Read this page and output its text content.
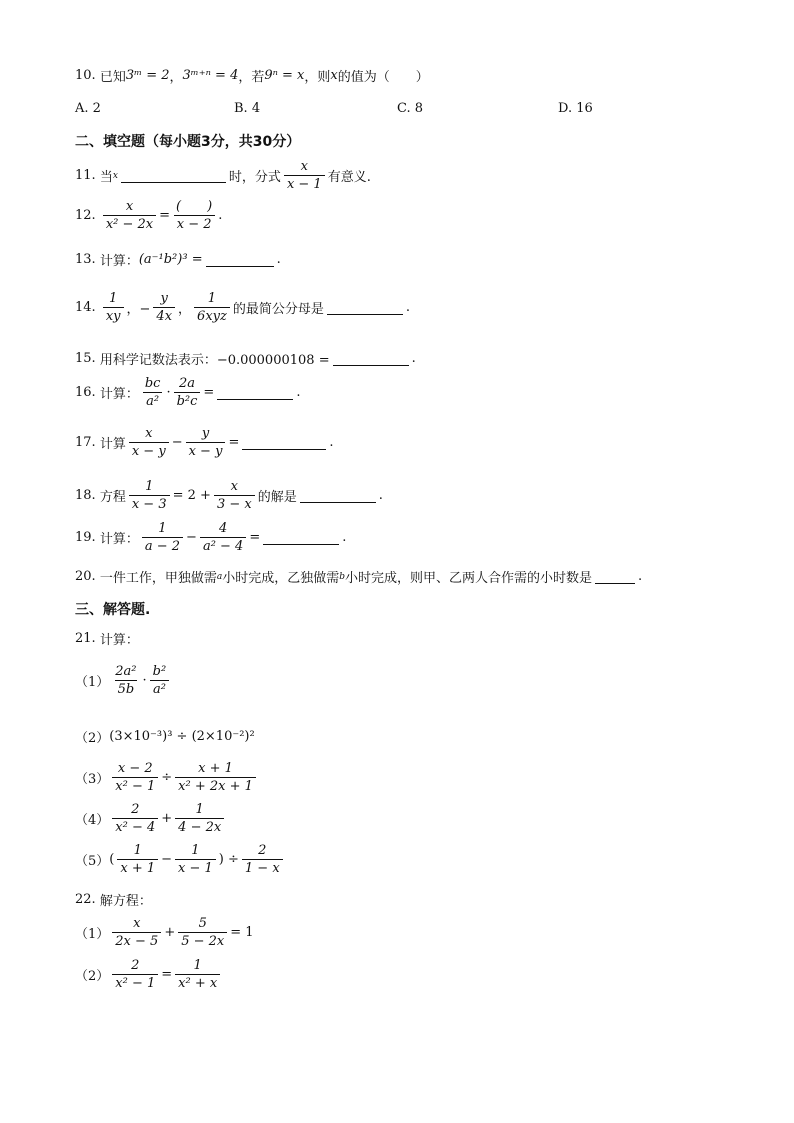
10.
已知 3ᵐ = 2 ， 3ᵐ⁺ⁿ = 4 ，若 9ⁿ = x ，则 x 的值为（　　）
A. 2	B. 4	C. 8	D. 16
二、填空题（每小题3分，共30分）
11.
当 x	时，分式 $\frac{x}{x - 1}$ 有意义.
12.
$\frac{x}{\text{x² − 2x}} = \frac{( )}{x - 2}$ .
13.
计算： (a⁻¹b²)³
=	.
14.
$\frac{1}{xy}$ ，− $\frac{y}{4x}$ ， $\frac{1}{\text{6xyz}}$ 的最简公分母是	.
15.
用科学记数法表示：−0.000000108 =	.
16.
计算： $\frac{bc}{\text{a²}} \cdot \frac{2a}{\text{b²c}}$ =	.
17.
计算 $\frac{x}{x - y} - \frac{y}{x - y}$ =	.
18.
方程 $\frac{1}{x - 3} = 2 + \frac{x}{3 - x}$ 的解是	.
19.
计算： $\frac{1}{a - 2} - \frac{4}{\text{a² − 4}}$ =	.
20.
一件工作，甲独做需 a 小时完成，乙独做需 b 小时完成，则甲、乙两人合作需的小时数是	.
三、解答题.
21.
计算：
$(1) \frac{\text{2a²}}{5b} \cdot \frac{\text{b²}}{\text{a²}}$
（2） (3×10⁻³)³ ÷ (2×10⁻²)²
$(3) \frac{x - 2}{\text{x² − 1}} \div \frac{x + 1}{\text{x² + 2x + 1}}$
$(4) \frac{2}{\text{x² − 4}} + \frac{1}{4 - 2x}$
（5） ( $\frac{1}{x + 1} - \frac{1}{x - 1}$ ) ÷ $\frac{2}{1 - x}$
22.
解方程：
$(1) \frac{x}{2x - 5} + \frac{5}{5 - 2x} = 1$
$(2) \frac{2}{\text{x² − 1}} = \frac{1}{\text{x² + x}}$
